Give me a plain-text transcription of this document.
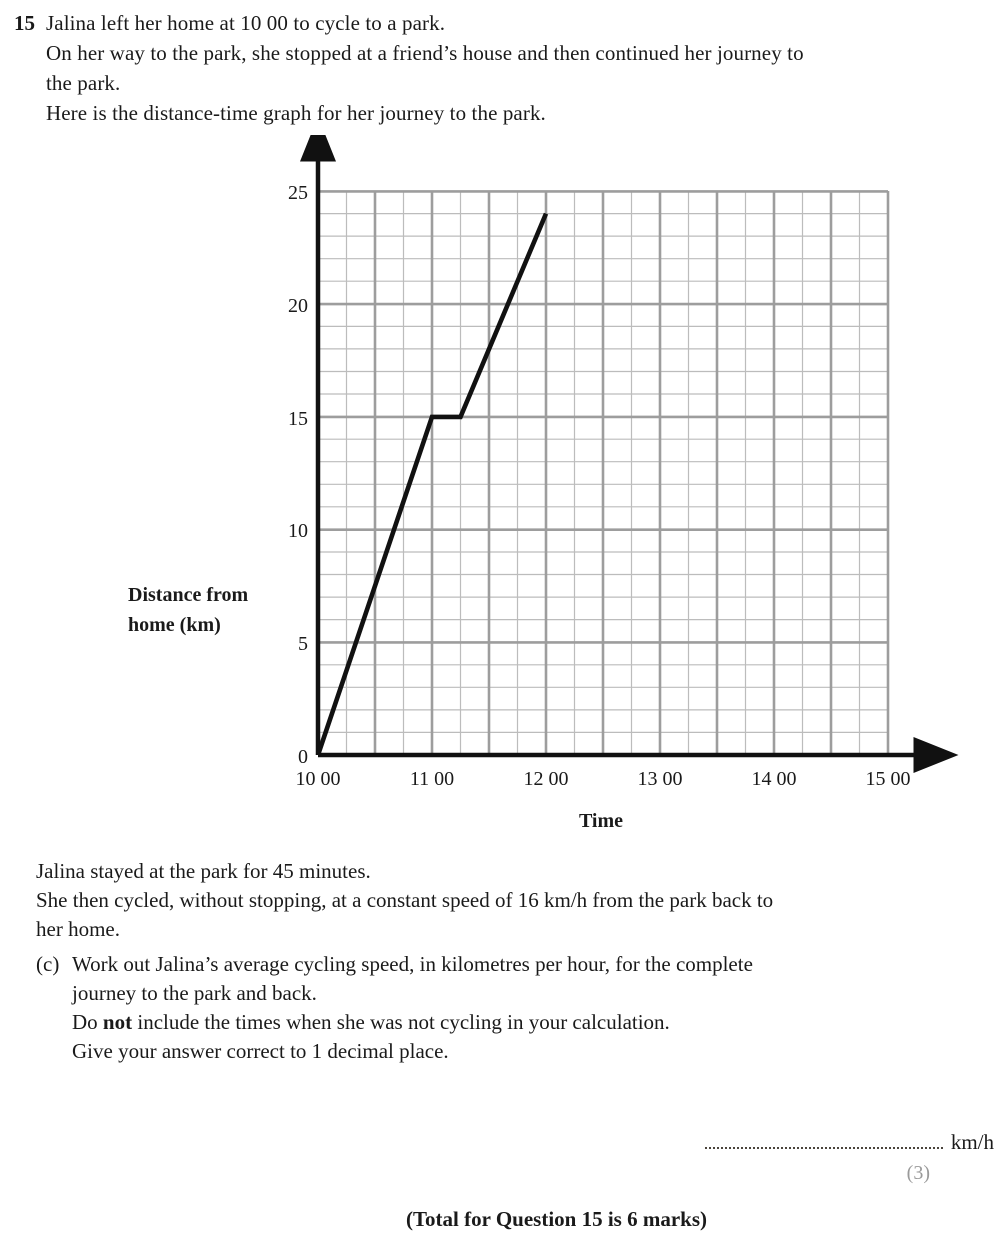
15 Jalina left her home at 10 00 to cycle to a park.

On her way to the park, she stopped at a friend’s house and then continued her journey to

the park.

Here is the distance-time graph for her journey to the park.

Distance from
home (km)
Time
0
5
10
15
20
25
10 00	11 00	12 00	13 00	14 00	15 00

Jalina stayed at the park for 45 minutes.

She then cycled, without stopping, at a constant speed of 16 km/h from the park back to

her home.

(c) Work out Jalina’s average cycling speed, in kilometres per hour, for the complete

journey to the park and back.

Do not include the times when she was not cycling in your calculation.

Give your answer correct to 1 decimal place.

km/h
(3)
(Total for Question 15 is 6 marks)
